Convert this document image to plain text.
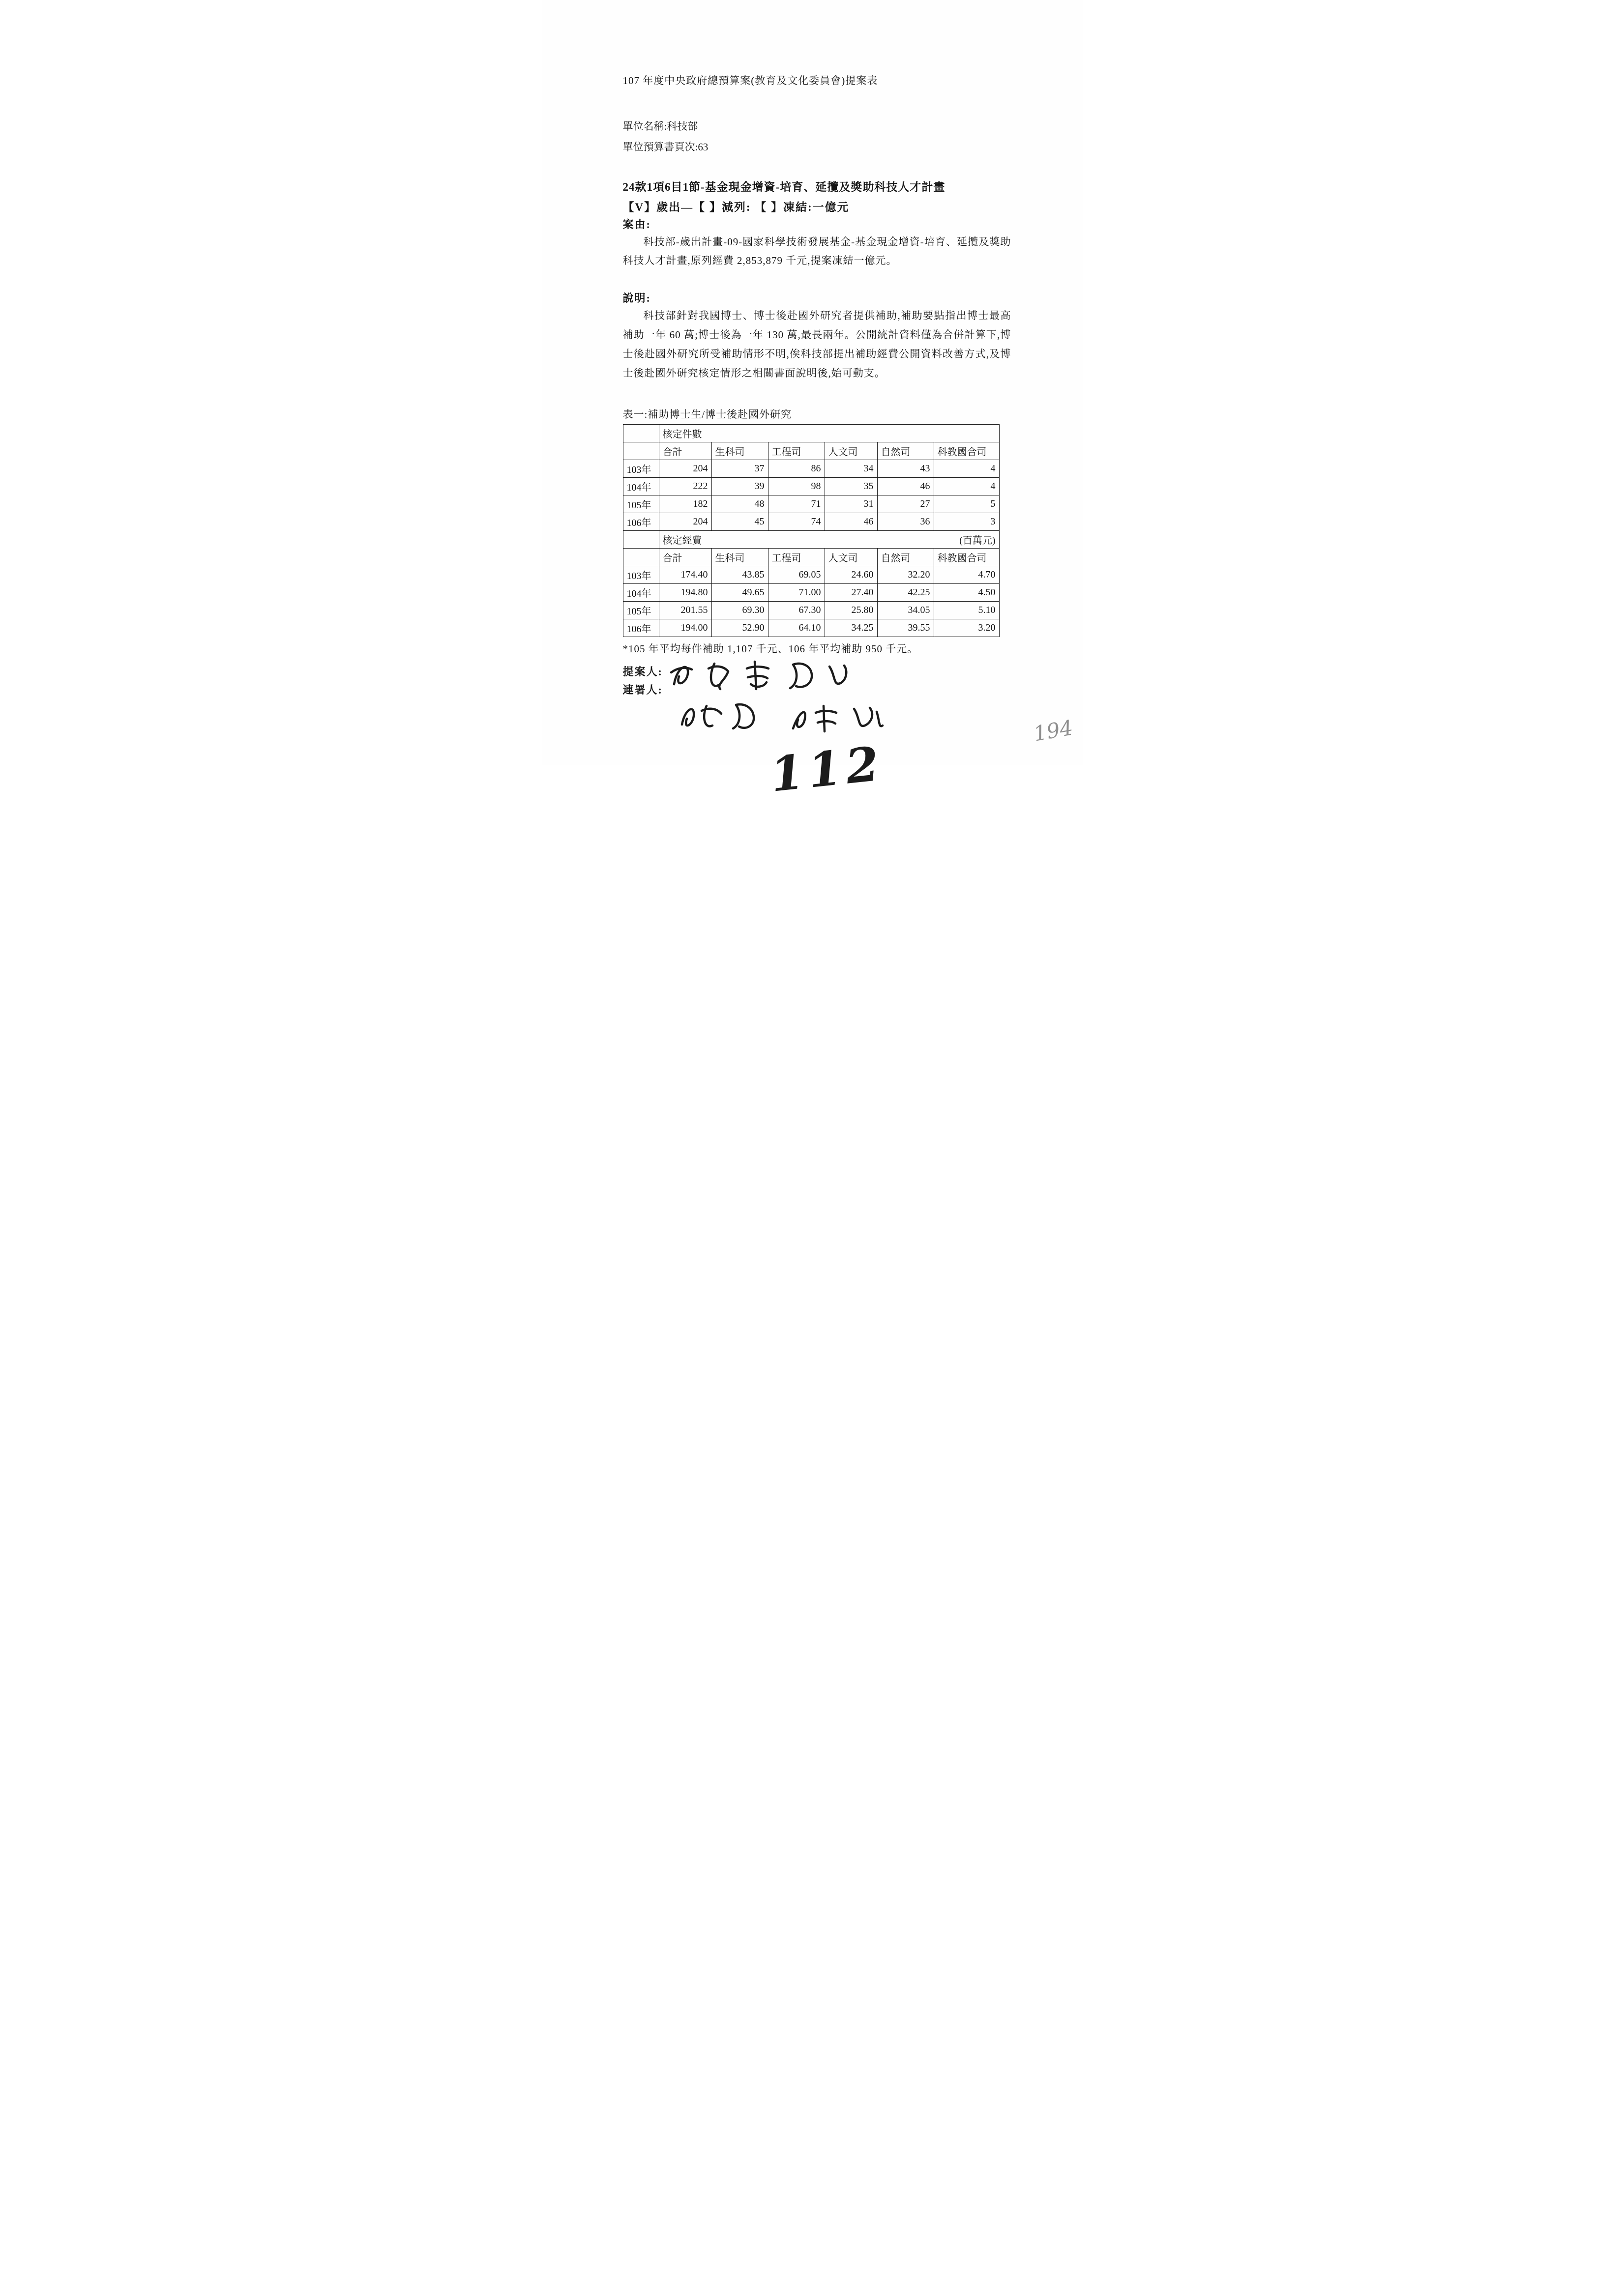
107 年度中央政府總預算案(教育及文化委員會)提案表
單位名稱:科技部
單位預算書頁次:63
24款1項6目1節-基金現金增資-培育、延攬及獎助科技人才計畫
【V】歲出—【 】減列: 【 】凍結:一億元
案由:

科技部-歲出計畫-09-國家科學技術發展基金-基金現金增資-培育、延攬及獎助科技人才計畫,原列經費 2,853,879 千元,提案凍結一億元。

說明:

科技部針對我國博士、博士後赴國外研究者提供補助,補助要點指出博士最高補助一年 60 萬;博士後為一年 130 萬,最長兩年。公開統計資料僅為合併計算下,博士後赴國外研究所受補助情形不明,俟科技部提出補助經費公開資料改善方式,及博士後赴國外研究核定情形之相關書面說明後,始可動支。

表一:補助博士生/博士後赴國外研究
	核定件數					
	合計	生科司	工程司	人文司	自然司	科教國合司
103年	204	37	86	34	43	4
104年	222	39	98	35	46	4
105年	182	48	71	31	27	5
106年	204	45	74	46	36	3
	核定經費 (百萬元)					

	合計	生科司	工程司	人文司	自然司	科教國合司
103年	174.40	43.85	69.05	24.60	32.20	4.70
104年	194.80	49.65	71.00	27.40	42.25	4.50
105年	201.55	69.30	67.30	25.80	34.05	5.10
106年	194.00	52.90	64.10	34.25	39.55	3.20
*105 年平均每件補助 1,107 千元、106 年平均補助 950 千元。
提案人:
連署人:
112
194
